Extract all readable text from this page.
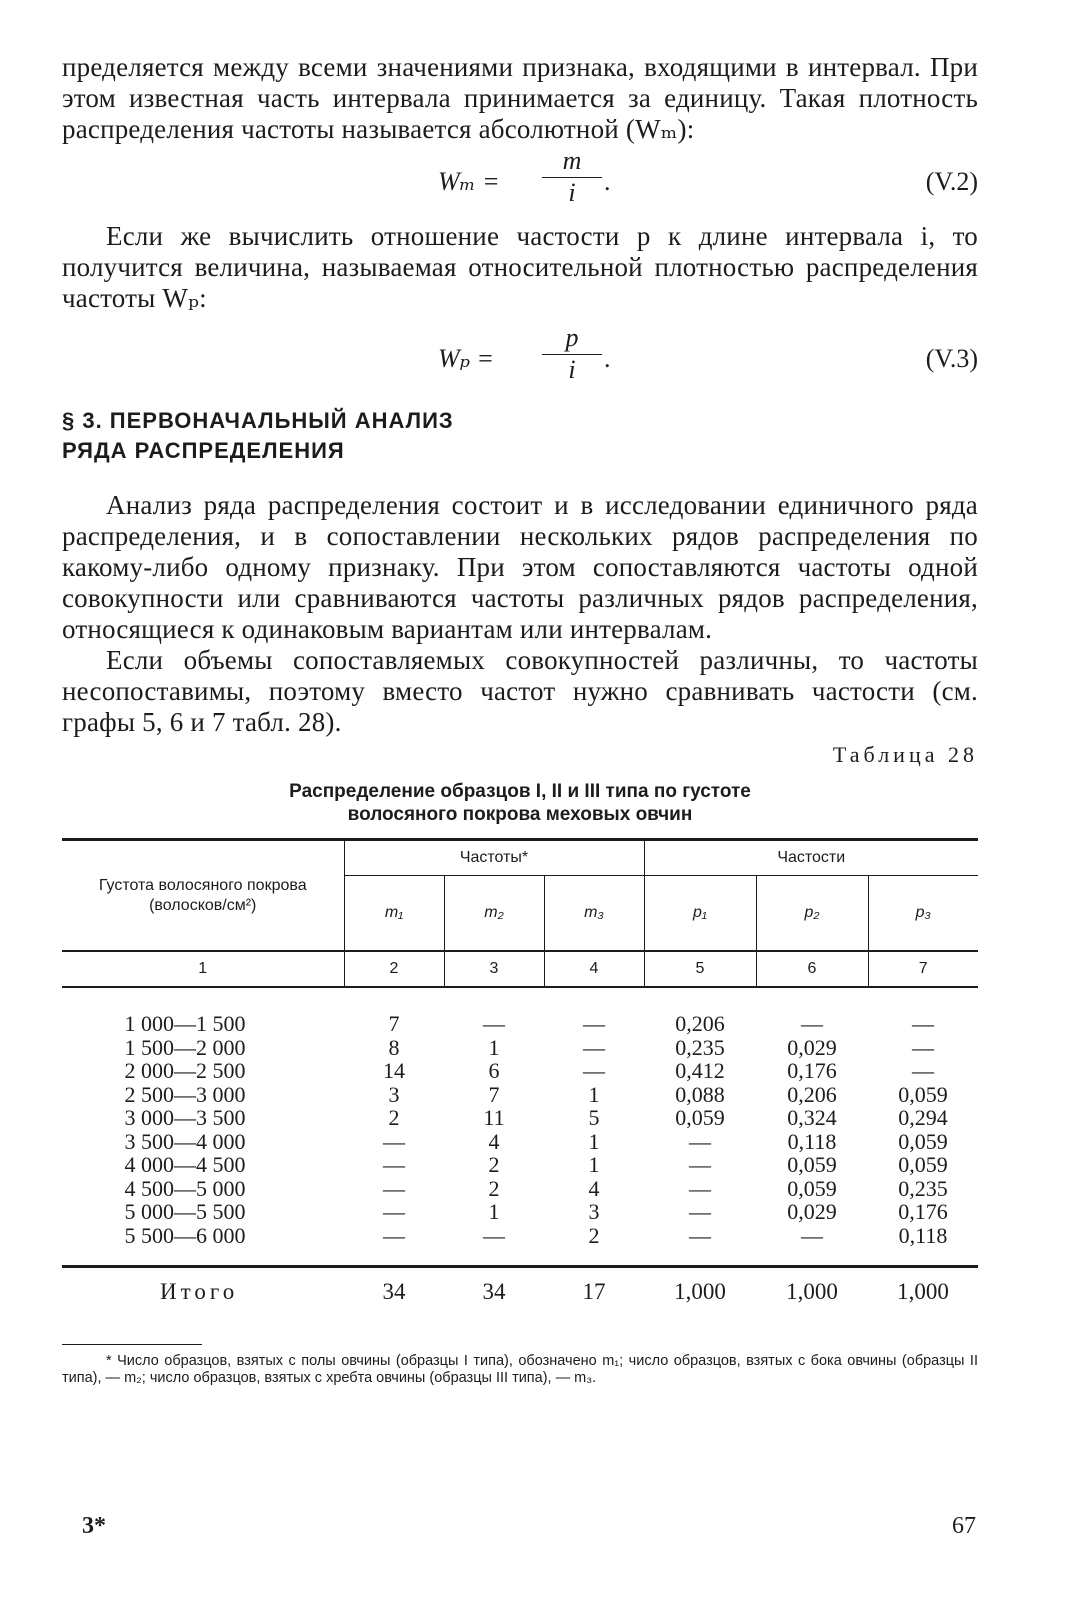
пределяется между всеми значениями признака, входящими в интервал. При этом известная часть интервала принимается за единицу. Такая плотность распределения частоты называется абсолютной (Wₘ):

Wₘ =
m
i	.	(V.2)

Если же вычислить отношение частости p к длине интервала i, то получится величина, называемая относительной плотностью распределения частоты Wₚ:

Wₚ =
p
i	.	(V.3)
§ 3. ПЕРВОНАЧАЛЬНЫЙ АНАЛИЗ
РЯДА РАСПРЕДЕЛЕНИЯ

Анализ ряда распределения состоит и в исследовании единичного ряда распределения, и в сопоставлении нескольких рядов распределения по какому-либо одному признаку. При этом сопоставляются частоты одной совокупности или сравниваются частоты различных рядов распределения, относящиеся к одинаковым вариантам или интервалам.

Если объемы сопоставляемых совокупностей различны, то частоты несопоставимы, поэтому вместо частот нужно сравнивать частости (см. графы 5, 6 и 7 табл. 28).

Таблица 28
Распределение образцов I, II и III типа по густоте
волосяного покрова меховых овчин
Густота волосяного покрова (волосков/см²)	Частоты*			Частости		
	m₁	m₂	m₃	p₁	p₂	p₃
1	2	3	4	5	6	7
1 000—1 500	7	—	—	0,206	—	—
1 500—2 000	8	1	—	0,235	0,029	—
2 000—2 500	14	6	—	0,412	0,176	—
2 500—3 000	3	7	1	0,088	0,206	0,059
3 000—3 500	2	11	5	0,059	0,324	0,294
3 500—4 000	—	4	1	—	0,118	0,059
4 000—4 500	—	2	1	—	0,059	0,059
4 500—5 000	—	2	4	—	0,059	0,235
5 000—5 500	—	1	3	—	0,029	0,176
5 500—6 000	—	—	2	—	—	0,118
Итого	34	34	17	1,000	1,000	1,000
* Число образцов, взятых с полы овчины (образцы I типа), обозначено m₁; число образцов, взятых с бока овчины (образцы II типа), — m₂; число образцов, взятых с хребта овчины (образцы III типа), — m₃.
3*	67
